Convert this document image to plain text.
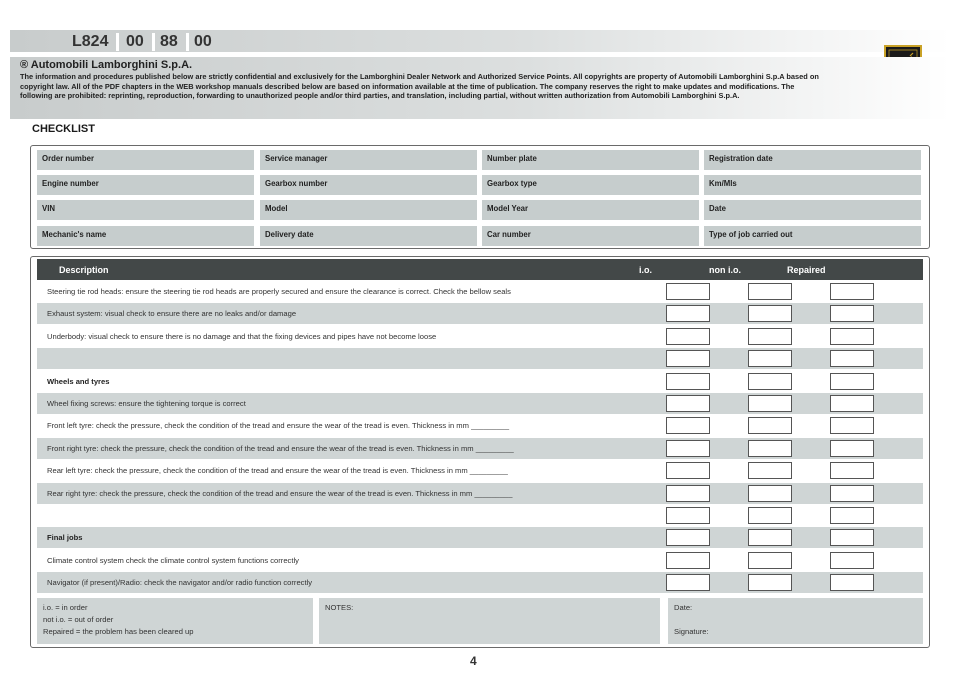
L824 00 88 00
® Automobili Lamborghini S.p.A.
The information and procedures published below are strictly confidential and exclusively for the Lamborghini Dealer Network and Authorized Service Points. All copyrights are property of Automobili Lamborghini S.p.A based on copyright law. All of the PDF chapters in the WEB workshop manuals described below are based on information available at the time of publication. The company reserves the right to make updates and modifications. The following are prohibited: reprinting, reproduction, forwarding to unauthorized people and/or third parties, and translation, including partial, without written authorization from Automobili Lamborghini S.p.A.
CHECKLIST
Order number	Service manager	Number plate	Registration date
Engine number	Gearbox number	Gearbox type	Km/Mls
VIN	Model	Model Year	Date
Mechanic's name	Delivery date	Car number	Type of job carried out
Description	i.o.	non i.o.	Repaired
Steering tie rod heads: ensure the steering tie rod heads are properly secured and ensure the clearance is correct. Check the bellow seals
Exhaust system: visual check to ensure there are no leaks and/or damage
Underbody: visual check to ensure there is no damage and that the fixing devices and pipes have not become loose
Wheels and tyres
Wheel fixing screws: ensure the tightening torque is correct
Front left tyre: check the pressure, check the condition of the tread and ensure the wear of the tread is even. Thickness in mm _________
Front right tyre: check the pressure, check the condition of the tread and ensure the wear of the tread is even. Thickness in mm _________
Rear left tyre: check the pressure, check the condition of the tread and ensure the wear of the tread is even. Thickness in mm _________
Rear right tyre: check the pressure, check the condition of the tread and ensure the wear of the tread is even. Thickness in mm _________
Final jobs
Climate control system check the climate control system functions correctly
Navigator (if present)/Radio: check the navigator and/or radio function correctly
i.o. = in order
not i.o. = out of order
Repaired = the problem has been cleared up
NOTES:	Date:
Signature:
4
